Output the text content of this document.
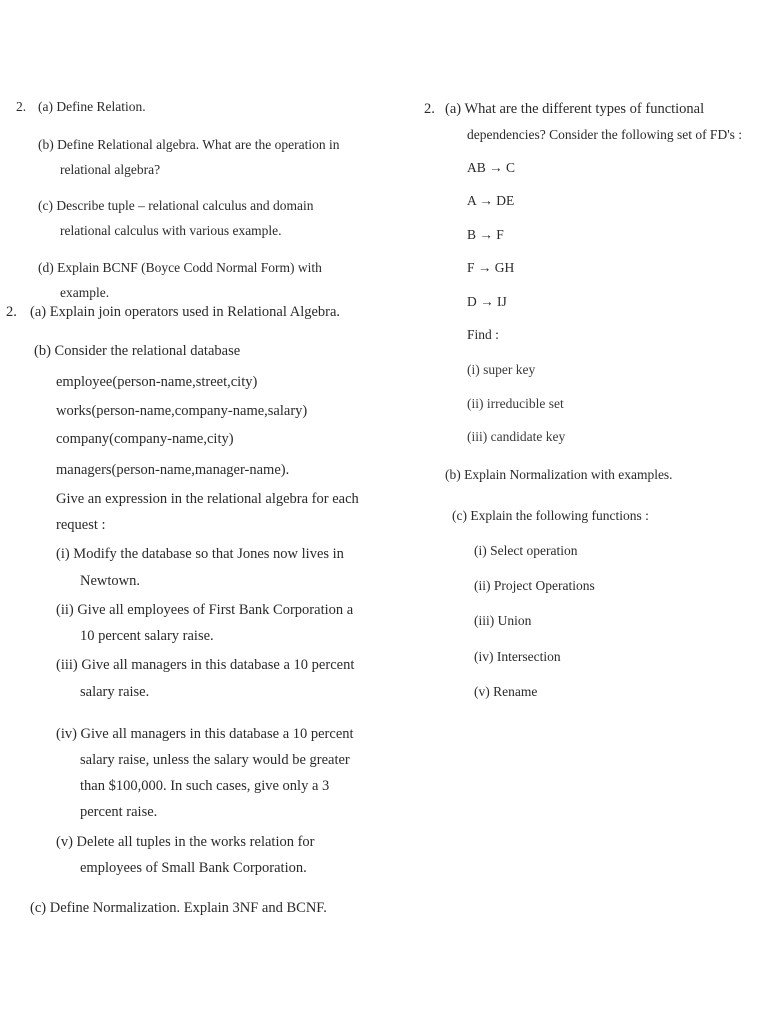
2. (a) Define Relation.
(b) Define Relational algebra. What are the operation in
relational algebra?
(c) Describe tuple – relational calculus and domain
relational calculus with various example.
(d) Explain BCNF (Boyce Codd Normal Form) with
example.
2. (a) Explain join operators used in Relational Algebra.
(b) Consider the relational database
employee(person-name,street,city)
works(person-name,company-name,salary)
company(company-name,city)
managers(person-name,manager-name).
Give an expression in the relational algebra for each
request :
(i) Modify the database so that Jones now lives in
Newtown.
(ii) Give all employees of First Bank Corporation a
10 percent salary raise.
(iii) Give all managers in this database a 10 percent
salary raise.
(iv) Give all managers in this database a 10 percent
salary raise, unless the salary would be greater
than $100,000. In such cases, give only a 3
percent raise.
(v) Delete all tuples in the works relation for
employees of Small Bank Corporation.
(c) Define Normalization. Explain 3NF and BCNF.
2. (a) What are the different types of functional
dependencies? Consider the following set of FD's :
AB → C
A → DE
B → F
F → GH
D → IJ
Find :
(i) super key
(ii) irreducible set
(iii) candidate key
(b) Explain Normalization with examples.
(c) Explain the following functions :
(i) Select operation
(ii) Project Operations
(iii) Union
(iv) Intersection
(v) Rename
